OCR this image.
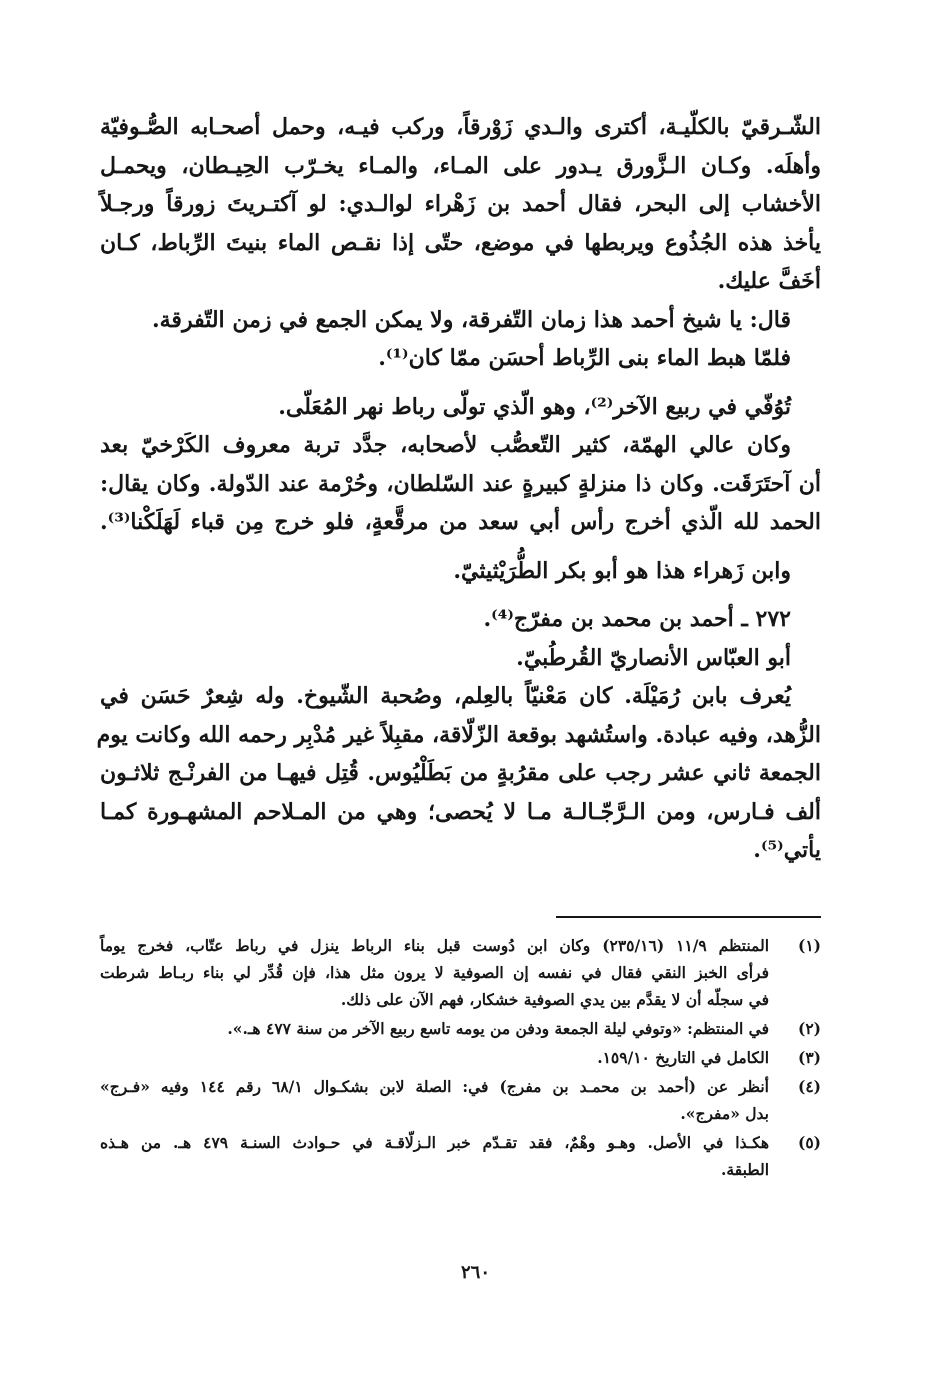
الشّـرقيّ بالكلّيـة، أكترى والـدي زَوْرقاً، وركب فيـه، وحمل أصحـابه الصُّـوفيّة

وأهلَه. وكـان الـزَّورق يـدور على المـاء، والمـاء يخـرّب الحِيـطان، ويحمـل

الأخشاب إلى البحر، فقال أحمد بن زَهْراء لوالـدي: لو آكتـريتَ زورقاً ورجـلاً

يأخذ هذه الجُذُوع ويربطها في موضع، حتّى إذا نقـص الماء بنيتَ الرِّباط، كـان

أخَفَّ عليك.

قال: يا شيخ أحمد هذا زمان التّفرقة، ولا يمكن الجمع في زمن التّفرقة.

فلمّا هبط الماء بنى الرِّباط أحسَن ممّا كان⁽¹⁾.

تُوُفّي في ربيع الآخر⁽²⁾، وهو الّذي تولّى رباط نهر المُعَلّى.

وكان عالي الهمّة، كثير التّعصُّب لأصحابه، جدَّد تربة معروف الكَرْخيّ بعد

أن آحتَرَقَت. وكان ذا منزلةٍ كبيرةٍ عند السّلطان، وحُرْمة عند الدّولة. وكان يقال:

الحمد لله الّذي أخرج رأس أبي سعد من مرقَّعةٍ، فلو خرج مِن قباء لَهَلَكْنا⁽³⁾.

وابن زَهراء هذا هو أبو بكر الطُّرَيْثيثيّ.

٢٧٢ ـ أحمد بن محمد بن مفرّج⁽⁴⁾.

أبو العبّاس الأنصاريّ القُرطُبيّ.

يُعرف بابن رُمَيْلَة. كان مَعْنيّاً بالعِلم، وصُحبة الشّيوخ. وله شِعرٌ حَسَن في

الزُّهد، وفيه عبادة. واستُشهد بوقعة الزّلّاقة، مقبِلاً غير مُدْبِر رحمه الله وكانت يوم

الجمعة ثاني عشر رجب على مقرُبةٍ من بَطَلْيُوس. قُتِل فيهـا من الفرنْـج ثلاثـون

ألف فـارس، ومن الـرَّجّـالـة مـا لا يُحصى؛ وهي من المـلاحم المشهـورة كمـا

يأتي⁽⁵⁾.

(١)
المنتظم ١١/٩ (٢٣٥/١٦) وكان ابن دُوست قبل بناء الرباط ينزل في رباط عتّاب، فخرج يوماً
فرأى الخبز النقي فقال في نفسه إن الصوفية لا يرون مثل هذا، فإن قُدِّر لي بناء ربـاط شرطت
في سجلّه أن لا يقدَّم بين يدي الصوفية خشكار، فهم الآن على ذلك.
(٢)
في المنتظم: «وتوفي ليلة الجمعة ودفن من يومه تاسع ربيع الآخر من سنة ٤٧٧ هـ.».
(٣)
الكامل في التاريخ ١٥٩/١٠.
(٤)
أنظر عن (أحمد بن محمـد بن مفرج) في: الصلة لابن بشكـوال ٦٨/١ رقم ١٤٤ وفيه «فـرج»
بدل «مفرج».
(٥)
هكـذا في الأصل. وهـو وهْمٌ، فقد تقـدّم خبر الـزلّاقـة في حـوادث السنـة ٤٧٩ هـ. من هـذه
الطبقة.
٢٦٠
